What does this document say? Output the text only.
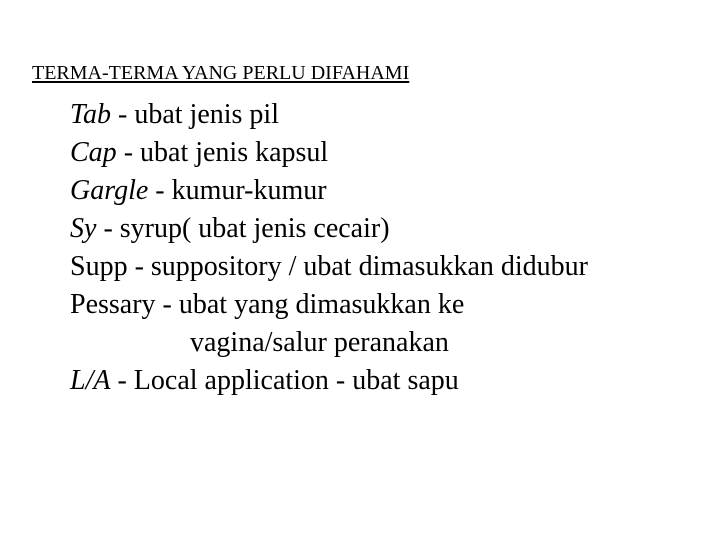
TERMA-TERMA YANG PERLU DIFAHAMI
Tab - ubat jenis pil
Cap - ubat jenis kapsul
Gargle - kumur-kumur
Sy - syrup( ubat jenis cecair)
Supp - suppository / ubat dimasukkan didubur
Pessary - ubat yang dimasukkan ke
vagina/salur peranakan
L/A - Local application - ubat sapu
